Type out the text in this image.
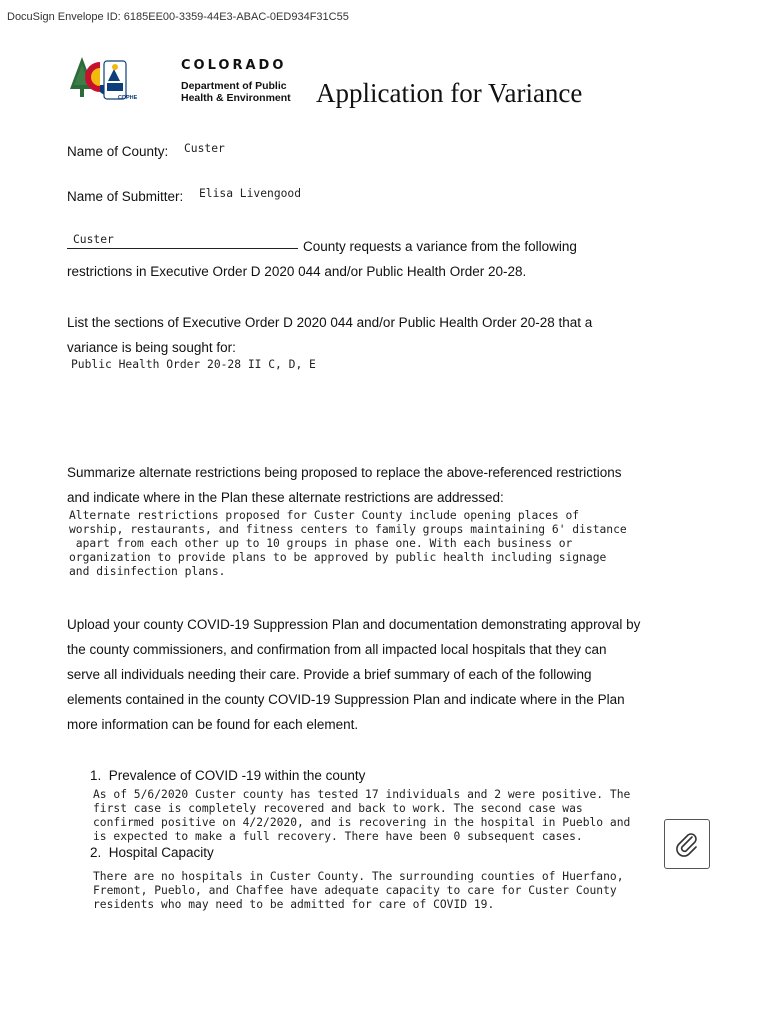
DocuSign Envelope ID: 6185EE00-3359-44E3-ABAC-0ED934F31C55
CDPHE
COLORADO
Department of Public
Health & Environment Application for Variance
Name of County: Custer
Name of Submitter: Elisa Livengood
Custer	County requests a variance from the following
restrictions in Executive Order D 2020 044 and/or Public Health Order 20-28.
List the sections of Executive Order D 2020 044 and/or Public Health Order 20-28 that a
variance is being sought for:
Public Health Order 20-28 II C, D, E
Summarize alternate restrictions being proposed to replace the above-referenced restrictions
and indicate where in the Plan these alternate restrictions are addressed:
Alternate restrictions proposed for Custer County include opening places of
worship, restaurants, and fitness centers to family groups maintaining 6' distance
apart from each other up to 10 groups in phase one. With each business or
organization to provide plans to be approved by public health including signage
and disinfection plans.
Upload your county COVID-19 Suppression Plan and documentation demonstrating approval by
the county commissioners, and confirmation from all impacted local hospitals that they can
serve all individuals needing their care. Provide a brief summary of each of the following
elements contained in the county COVID-19 Suppression Plan and indicate where in the Plan
more information can be found for each element.
1.  Prevalence of COVID -19 within the county
As of 5/6/2020 Custer county has tested 17 individuals and 2 were positive. The
first case is completely recovered and back to work. The second case was
confirmed positive on 4/2/2020, and is recovering in the hospital in Pueblo and
is expected to make a full recovery. There have been 0 subsequent cases.
2.  Hospital Capacity
There are no hospitals in Custer County. The surrounding counties of Huerfano,
Fremont, Pueblo, and Chaffee have adequate capacity to care for Custer County
residents who may need to be admitted for care of COVID 19.
